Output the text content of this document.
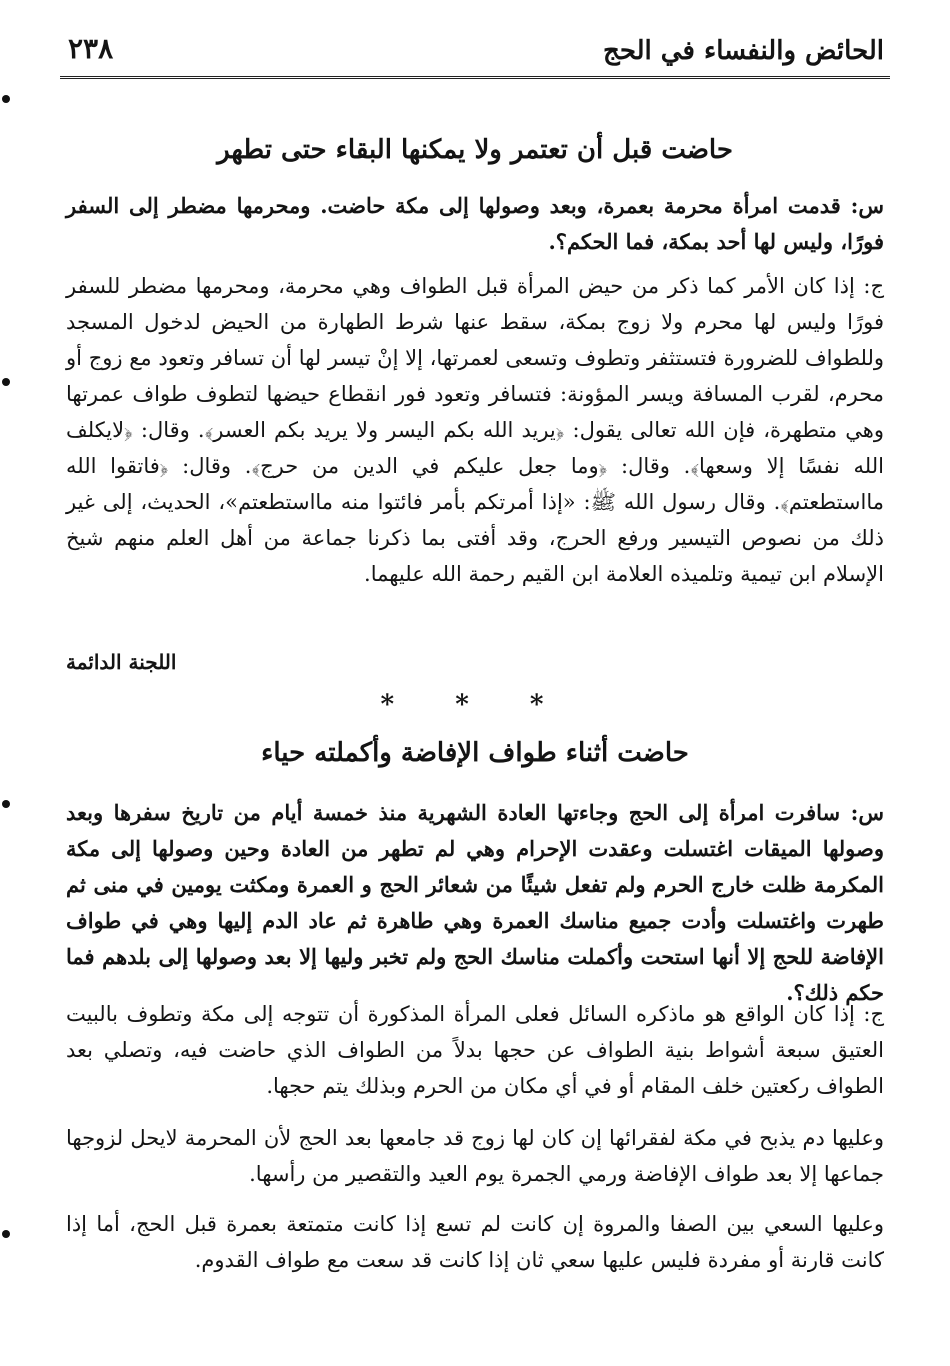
٢٣٨	الحائض والنفساء في الحج
حاضت قبل أن تعتمر ولا يمكنها البقاء حتى تطهر

س: قدمت امرأة محرمة بعمرة، وبعد وصولها إلى مكة حاضت. ومحرمها مضطر إلى السفر فورًا، وليس لها أحد بمكة، فما الحكم؟.

ج: إذا كان الأمر كما ذكر من حيض المرأة قبل الطواف وهي محرمة، ومحرمها مضطر للسفر فورًا وليس لها محرم ولا زوج بمكة، سقط عنها شرط الطهارة من الحيض لدخول المسجد وللطواف للضرورة فتستثفر وتطوف وتسعى لعمرتها، إلا إنْ تيسر لها أن تسافر وتعود مع زوج أو محرم، لقرب المسافة ويسر المؤونة: فتسافر وتعود فور انقطاع حيضها لتطوف طواف عمرتها وهي متطهرة، فإن الله تعالى يقول: ﴿يريد الله بكم اليسر ولا يريد بكم العسر﴾. وقال: ﴿لايكلف الله نفسًا إلا وسعها﴾. وقال: ﴿وما جعل عليكم في الدين من حرج﴾. وقال: ﴿فاتقوا الله مااستطعتم﴾. وقال رسول الله ﷺ: «إذا أمرتكم بأمر فائتوا منه مااستطعتم»، الحديث، إلى غير ذلك من نصوص التيسير ورفع الحرج، وقد أفتى بما ذكرنا جماعة من أهل العلم منهم شيخ الإسلام ابن تيمية وتلميذه العلامة ابن القيم رحمة الله عليهما.

اللجنة الدائمة
* * *
حاضت أثناء طواف الإفاضة وأكملته حياء

س: سافرت امرأة إلى الحج وجاءتها العادة الشهرية منذ خمسة أيام من تاريخ سفرها وبعد وصولها الميقات اغتسلت وعقدت الإحرام وهي لم تطهر من العادة وحين وصولها إلى مكة المكرمة ظلت خارج الحرم ولم تفعل شيئًا من شعائر الحج و العمرة ومكثت يومين في منى ثم طهرت واغتسلت وأدت جميع مناسك العمرة وهي طاهرة ثم عاد الدم إليها وهي في طواف الإفاضة للحج إلا أنها استحت وأكملت مناسك الحج ولم تخبر وليها إلا بعد وصولها إلى بلدهم فما حكم ذلك؟.

ج: إذا كان الواقع هو ماذكره السائل فعلى المرأة المذكورة أن تتوجه إلى مكة وتطوف بالبيت العتيق سبعة أشواط بنية الطواف عن حجها بدلاً من الطواف الذي حاضت فيه، وتصلي بعد الطواف ركعتين خلف المقام أو في أي مكان من الحرم وبذلك يتم حجها.

وعليها دم يذبح في مكة لفقرائها إن كان لها زوج قد جامعها بعد الحج لأن المحرمة لايحل لزوجها جماعها إلا بعد طواف الإفاضة ورمي الجمرة يوم العيد والتقصير من رأسها.

وعليها السعي بين الصفا والمروة إن كانت لم تسع إذا كانت متمتعة بعمرة قبل الحج، أما إذا كانت قارنة أو مفردة فليس عليها سعي ثان إذا كانت قد سعت مع طواف القدوم.
